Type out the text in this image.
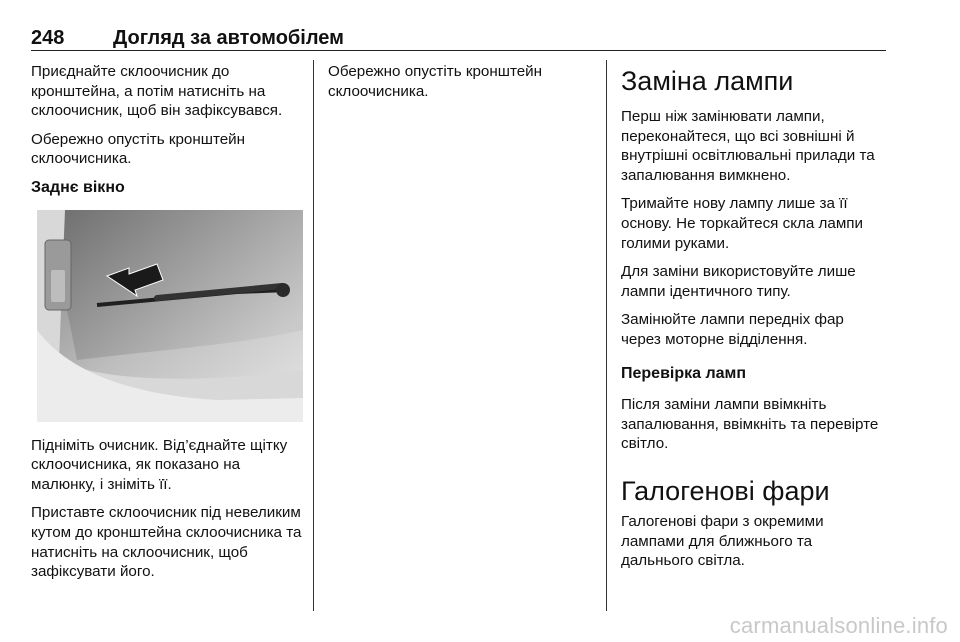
248 Догляд за автомобілем

Приєднайте склоочисник до кронштейна, а потім натисніть на склоочисник, щоб він зафіксувався.

Обережно опустіть кронштейн склоочисника.

Заднє вікно

Підніміть очисник. Від’єднайте щітку склоочисника, як показано на малюнку, і зніміть її.

Приставте склоочисник під невеликим кутом до кронштейна склоочисника та натисніть на склоочисник, щоб зафіксувати його.

Обережно опустіть кронштейн склоочисника.	Заміна лампи

Перш ніж замінювати лампи, переконайтеся, що всі зовнішні й внутрішні освітлювальні прилади та запалювання вимкнено.

Тримайте нову лампу лише за її основу. Не торкайтеся скла лампи голими руками.

Для заміни використовуйте лише лампи ідентичного типу.

Замінюйте лампи передніх фар через моторне відділення.

Перевірка ламп

Після заміни лампи ввімкніть запалювання, ввімкніть та перевірте світло.

Галогенові фари

Галогенові фари з окремими лампами для ближнього та дальнього світла.

carmanualsonline.info
